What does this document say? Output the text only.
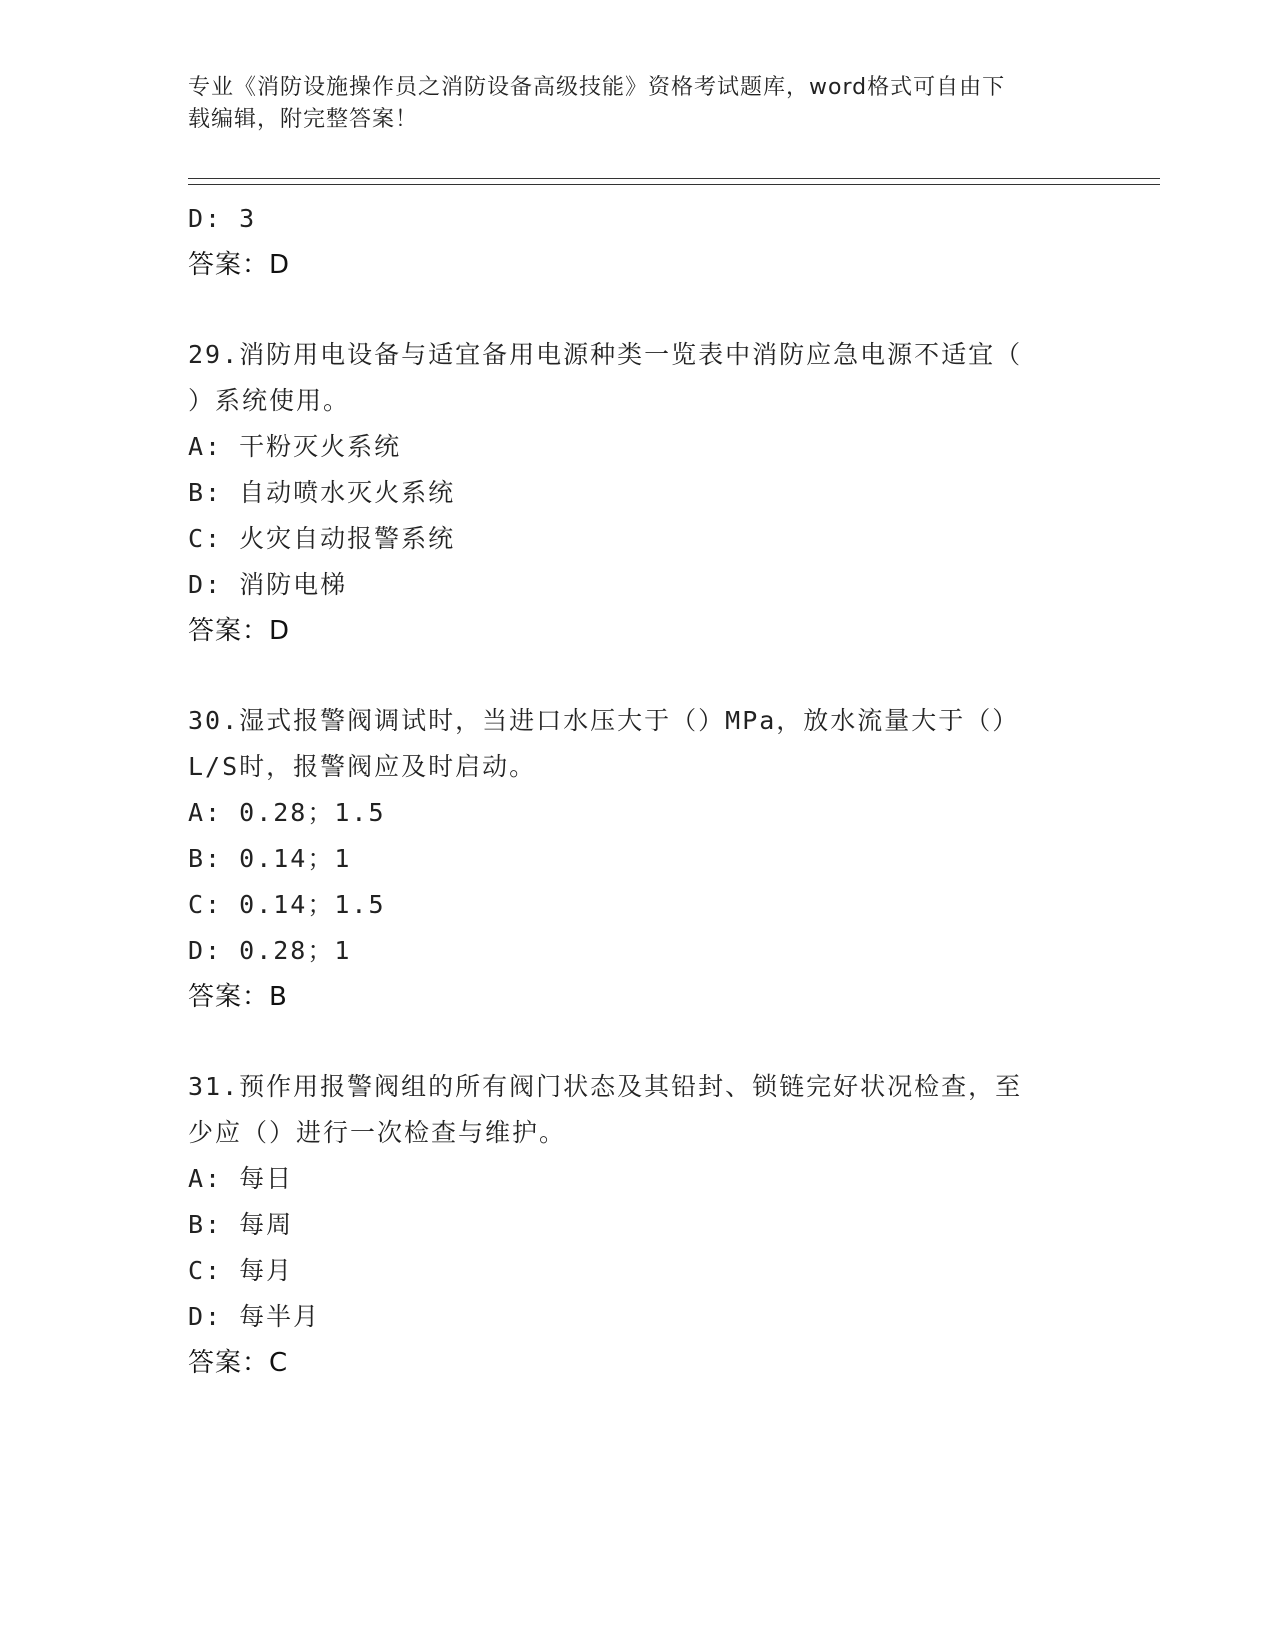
专业《消防设施操作员之消防设备高级技能》资格考试题库，word格式可自由下
载编辑，附完整答案！
D: 3
答案：D
29.消防用电设备与适宜备用电源种类一览表中消防应急电源不适宜（
）系统使用。
A: 干粉灭火系统
B: 自动喷水灭火系统
C: 火灾自动报警系统
D: 消防电梯
答案：D
30.湿式报警阀调试时，当进口水压大于（）MPa，放水流量大于（）
L/S时，报警阀应及时启动。
A: 0.28；1.5
B: 0.14；1
C: 0.14；1.5
D: 0.28；1
答案：B
31.预作用报警阀组的所有阀门状态及其铅封、锁链完好状况检查，至
少应（）进行一次检查与维护。
A: 每日
B: 每周
C: 每月
D: 每半月
答案：C
